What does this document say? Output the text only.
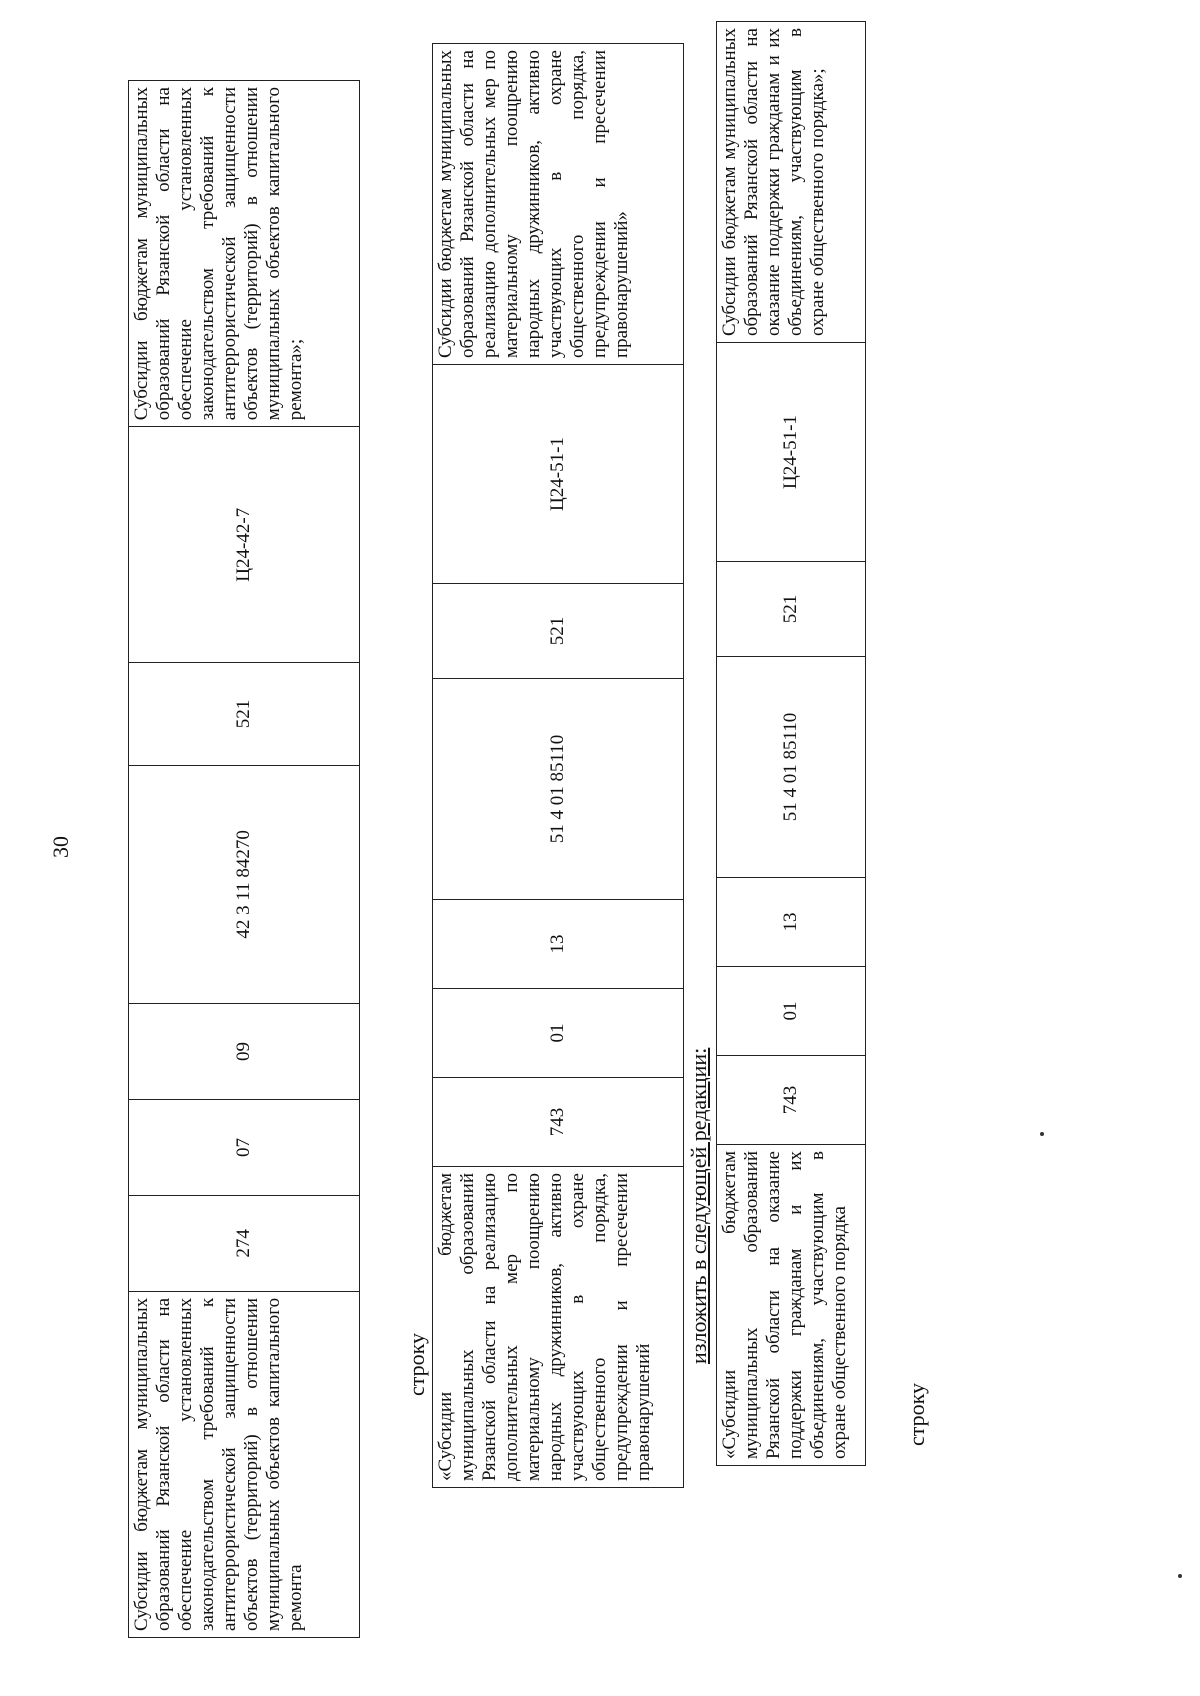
30
Субсидии бюджетам муниципальных образований Рязанской области на обеспечение установленных законодательством требований к антитеррористической защищенности объектов (территорий) в отношении муниципальных объектов капитального ремонта	274	07	09	42 3 11 84270	521	Ц24-42-7	Субсидии бюджетам муниципальных образований Рязанской области на обеспечение установленных законодательством требований к антитеррористической защищенности объектов (территорий) в отношении муниципальных объектов капитального ремонта»;
строку «Субсидии бюджетам муниципальных образований Рязанской области на реализацию дополнительных мер по материальному поощрению народных дружинников, активно участвующих в охране общественного порядка, предупреждении и пресечении правонарушений	743	01	13	51 4 01 85110	521	Ц24-51-1	Субсидии бюджетам муниципальных образований Рязанской области на реализацию дополнительных мер по материальному поощрению народных дружинников, активно участвующих в охране общественного порядка, предупреждении и пресечении правонарушений»
изложить в следующей редакции: «Субсидии бюджетам муниципальных образований Рязанской области на оказание поддержки гражданам и их объединениям, участвующим в охране общественного порядка	743	01	13	51 4 01 85110	521	Ц24-51-1	Субсидии бюджетам муниципальных образований Рязанской области на оказание поддержки гражданам и их объединениям, участвующим в охране общественного порядка»;
строку
